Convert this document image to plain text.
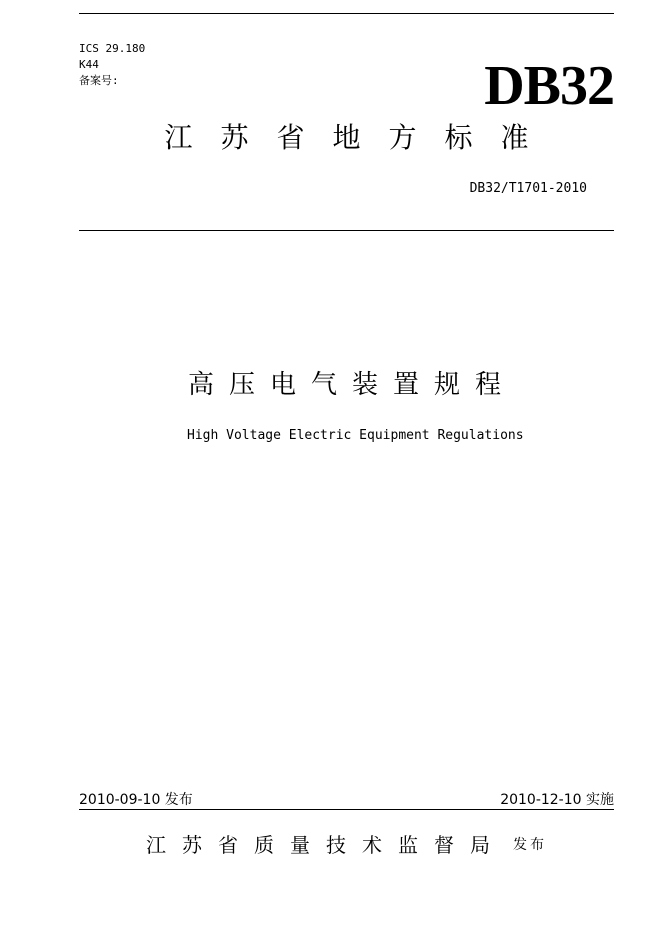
ICS 29.180
K44
备案号:	DB32
江　苏　省　地　方　标　准
DB32/T1701-2010
高压电气装置规程
High Voltage Electric Equipment Regulations
2010-09-10 发布	2010-12-10 实施
江苏省质量技术监督局 发布
